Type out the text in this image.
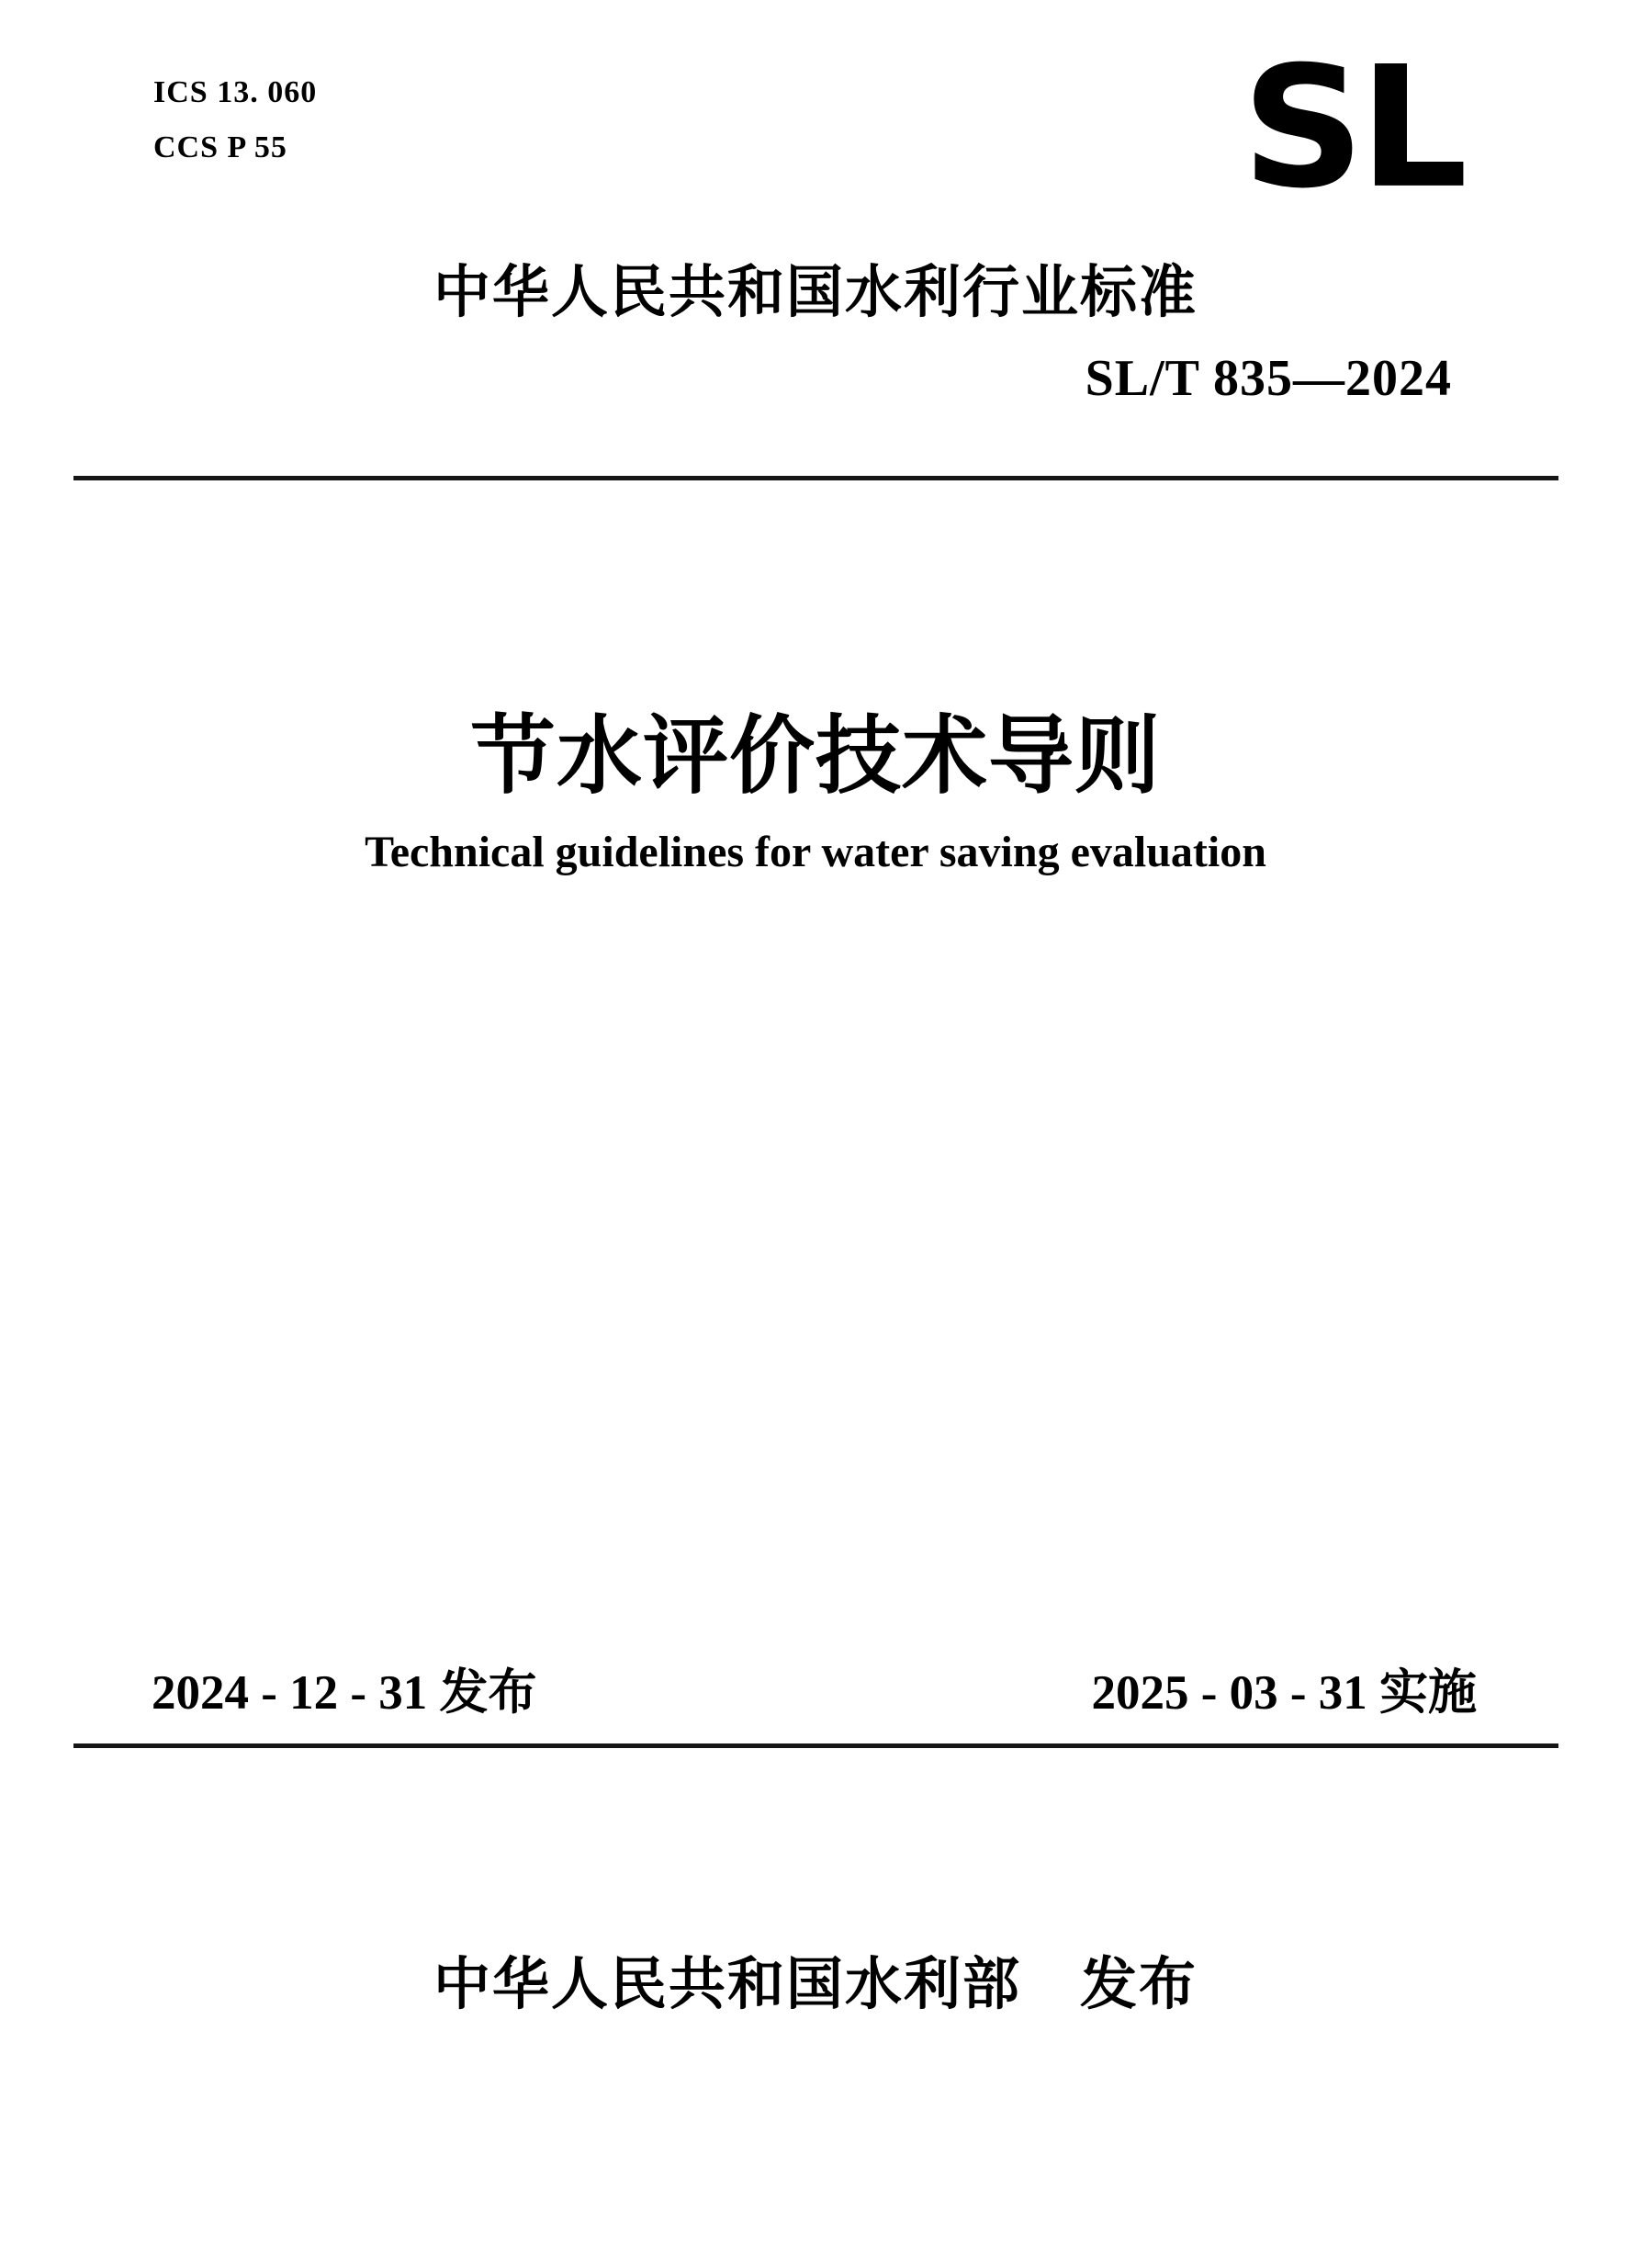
ICS 13. 060
CCS P 55	SL
中华人民共和国水利行业标准
SL/T 835—2024
节水评价技术导则
Technical guidelines for water saving evaluation
2024 - 12 - 31 发布	2025 - 03 - 31 实施
中华人民共和国水利部　发布
